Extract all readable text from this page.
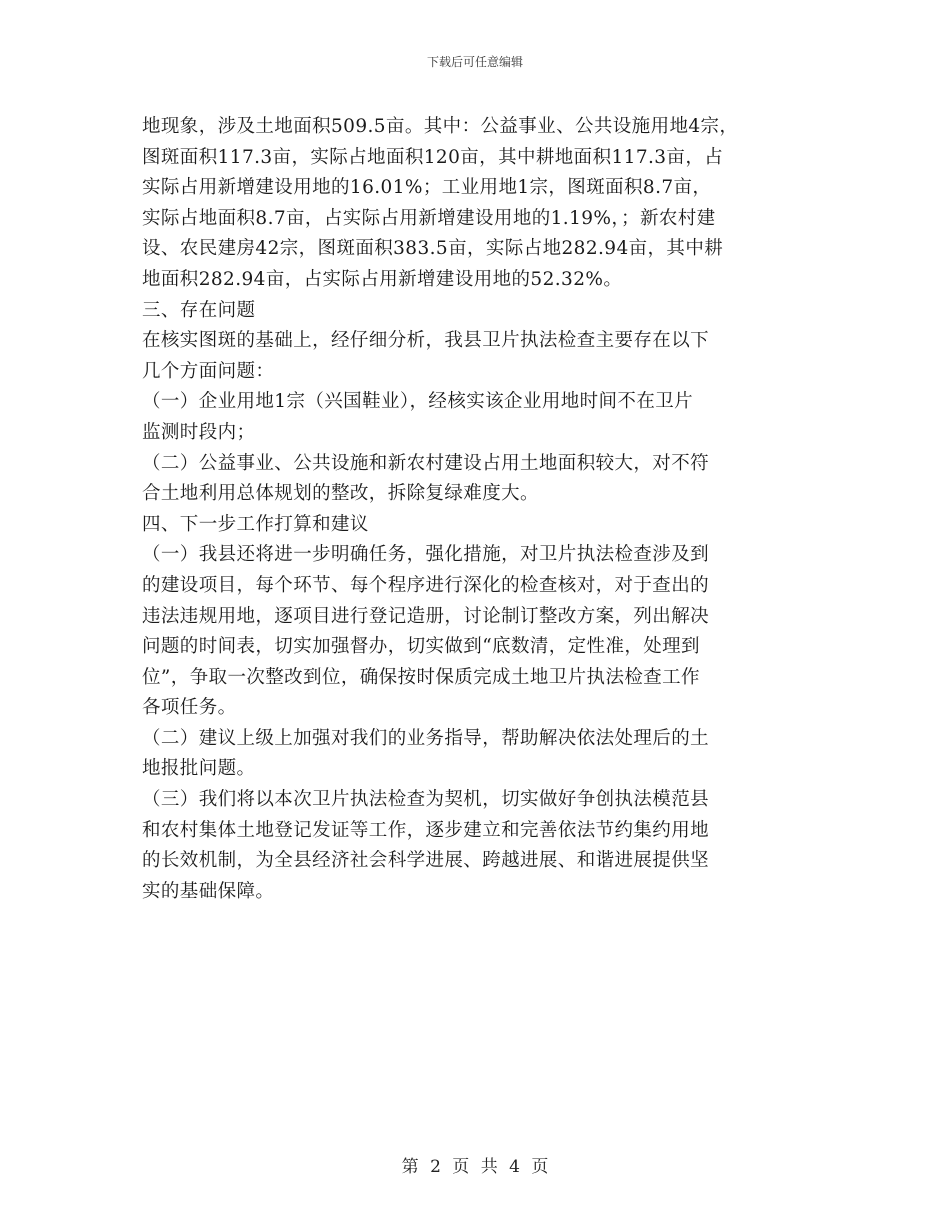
下载后可任意编辑
地现象，涉及土地面积509.5亩。其中：公益事业、公共设施用地4宗，
图斑面积117.3亩，实际占地面积120亩，其中耕地面积117.3亩，占
实际占用新增建设用地的16.01%；工业用地1宗，图斑面积8.7亩，
实际占地面积8.7亩，占实际占用新增建设用地的1.19%，；新农村建
设、农民建房42宗，图斑面积383.5亩，实际占地282.94亩，其中耕
地面积282.94亩，占实际占用新增建设用地的52.32%。
三、存在问题
在核实图斑的基础上，经仔细分析，我县卫片执法检查主要存在以下
几个方面问题：
（一）企业用地1宗（兴国鞋业），经核实该企业用地时间不在卫片
监测时段内；
（二）公益事业、公共设施和新农村建设占用土地面积较大，对不符
合土地利用总体规划的整改，拆除复绿难度大。
四、下一步工作打算和建议
（一）我县还将进一步明确任务，强化措施，对卫片执法检查涉及到
的建设项目，每个环节、每个程序进行深化的检查核对，对于查出的
违法违规用地，逐项目进行登记造册，讨论制订整改方案，列出解决
问题的时间表，切实加强督办，切实做到“底数清，定性准，处理到
位”，争取一次整改到位，确保按时保质完成土地卫片执法检查工作
各项任务。
（二）建议上级上加强对我们的业务指导，帮助解决依法处理后的土
地报批问题。
（三）我们将以本次卫片执法检查为契机，切实做好争创执法模范县
和农村集体土地登记发证等工作，逐步建立和完善依法节约集约用地
的长效机制，为全县经济社会科学进展、跨越进展、和谐进展提供坚
实的基础保障。
第 2 页 共 4 页
